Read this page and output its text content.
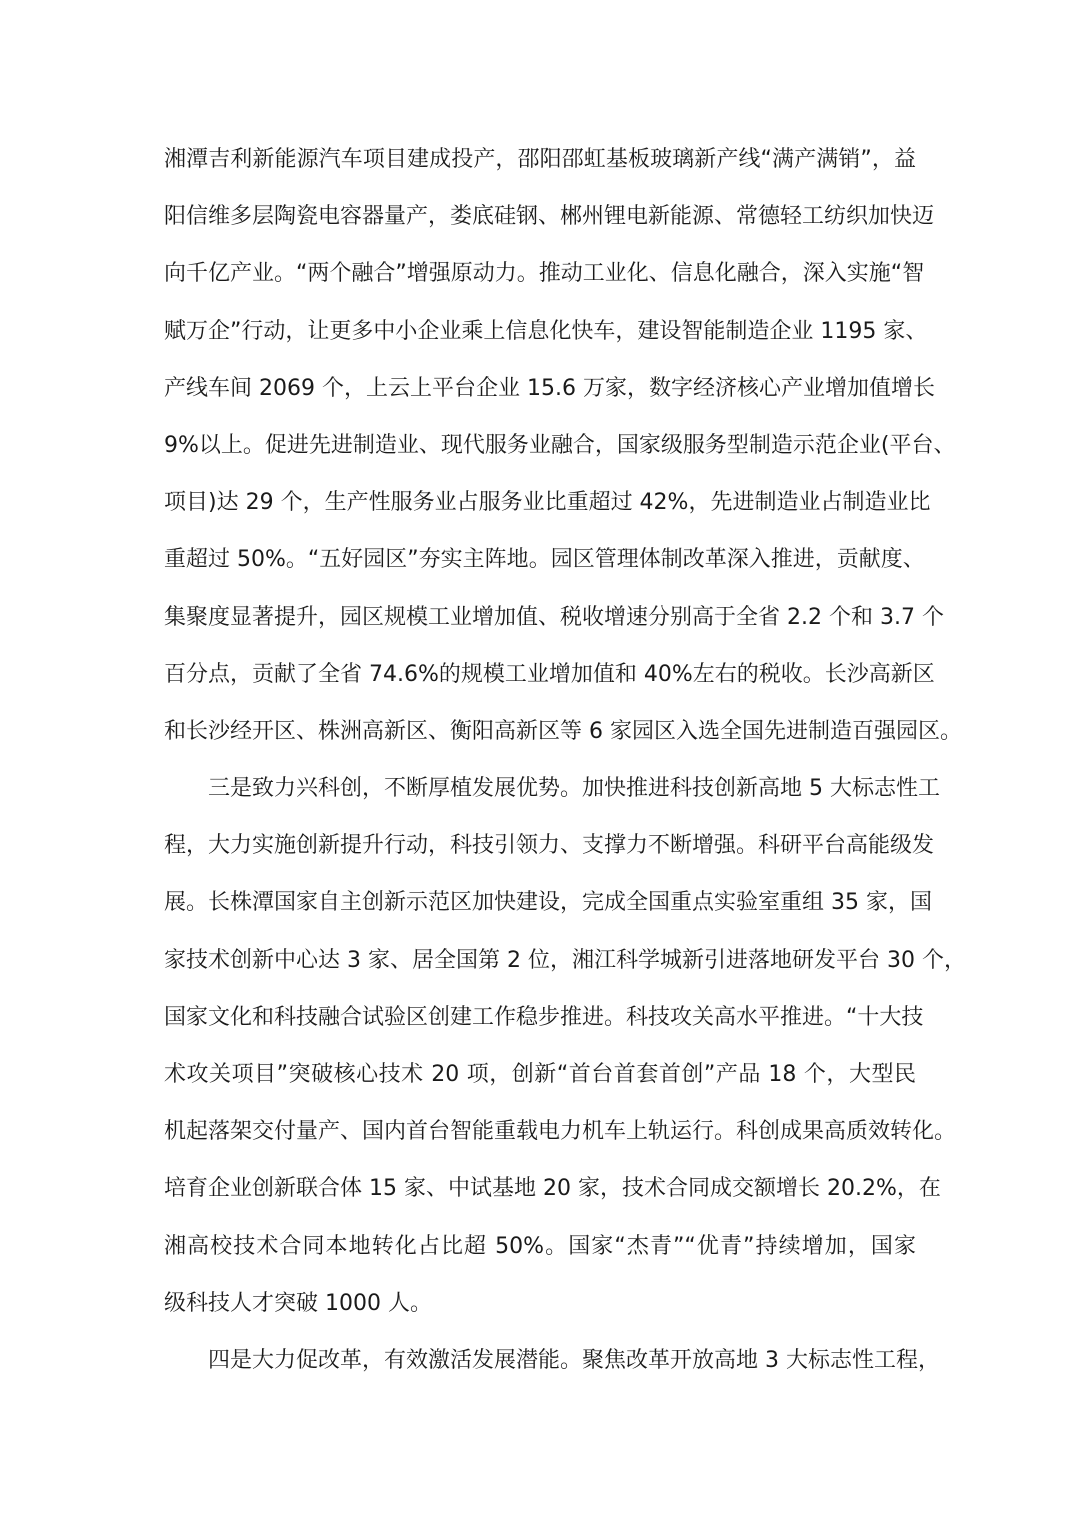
湘潭吉利新能源汽车项目建成投产，邵阳邵虹基板玻璃新产线“满产满销”，益
阳信维多层陶瓷电容器量产，娄底硅钢、郴州锂电新能源、常德轻工纺织加快迈
向千亿产业。“两个融合”增强原动力。推动工业化、信息化融合，深入实施“智
赋万企”行动，让更多中小企业乘上信息化快车，建设智能制造企业 1195 家、
产线车间 2069 个，上云上平台企业 15.6 万家，数字经济核心产业增加值增长
9%以上。促进先进制造业、现代服务业融合，国家级服务型制造示范企业(平台、
项目)达 29 个，生产性服务业占服务业比重超过 42%，先进制造业占制造业比
重超过 50%。“五好园区”夯实主阵地。园区管理体制改革深入推进，贡献度、
集聚度显著提升，园区规模工业增加值、税收增速分别高于全省 2.2 个和 3.7 个
百分点，贡献了全省 74.6%的规模工业增加值和 40%左右的税收。长沙高新区
和长沙经开区、株洲高新区、衡阳高新区等 6 家园区入选全国先进制造百强园区。
三是致力兴科创，不断厚植发展优势。加快推进科技创新高地 5 大标志性工
程，大力实施创新提升行动，科技引领力、支撑力不断增强。科研平台高能级发
展。长株潭国家自主创新示范区加快建设，完成全国重点实验室重组 35 家，国
家技术创新中心达 3 家、居全国第 2 位，湘江科学城新引进落地研发平台 30 个，
国家文化和科技融合试验区创建工作稳步推进。科技攻关高水平推进。“十大技
术攻关项目”突破核心技术 20 项，创新“首台首套首创”产品 18 个，大型民
机起落架交付量产、国内首台智能重载电力机车上轨运行。科创成果高质效转化。
培育企业创新联合体 15 家、中试基地 20 家，技术合同成交额增长 20.2%，在
湘高校技术合同本地转化占比超 50%。国家“杰青”“优青”持续增加，国家
级科技人才突破 1000 人。
四是大力促改革，有效激活发展潜能。聚焦改革开放高地 3 大标志性工程，
